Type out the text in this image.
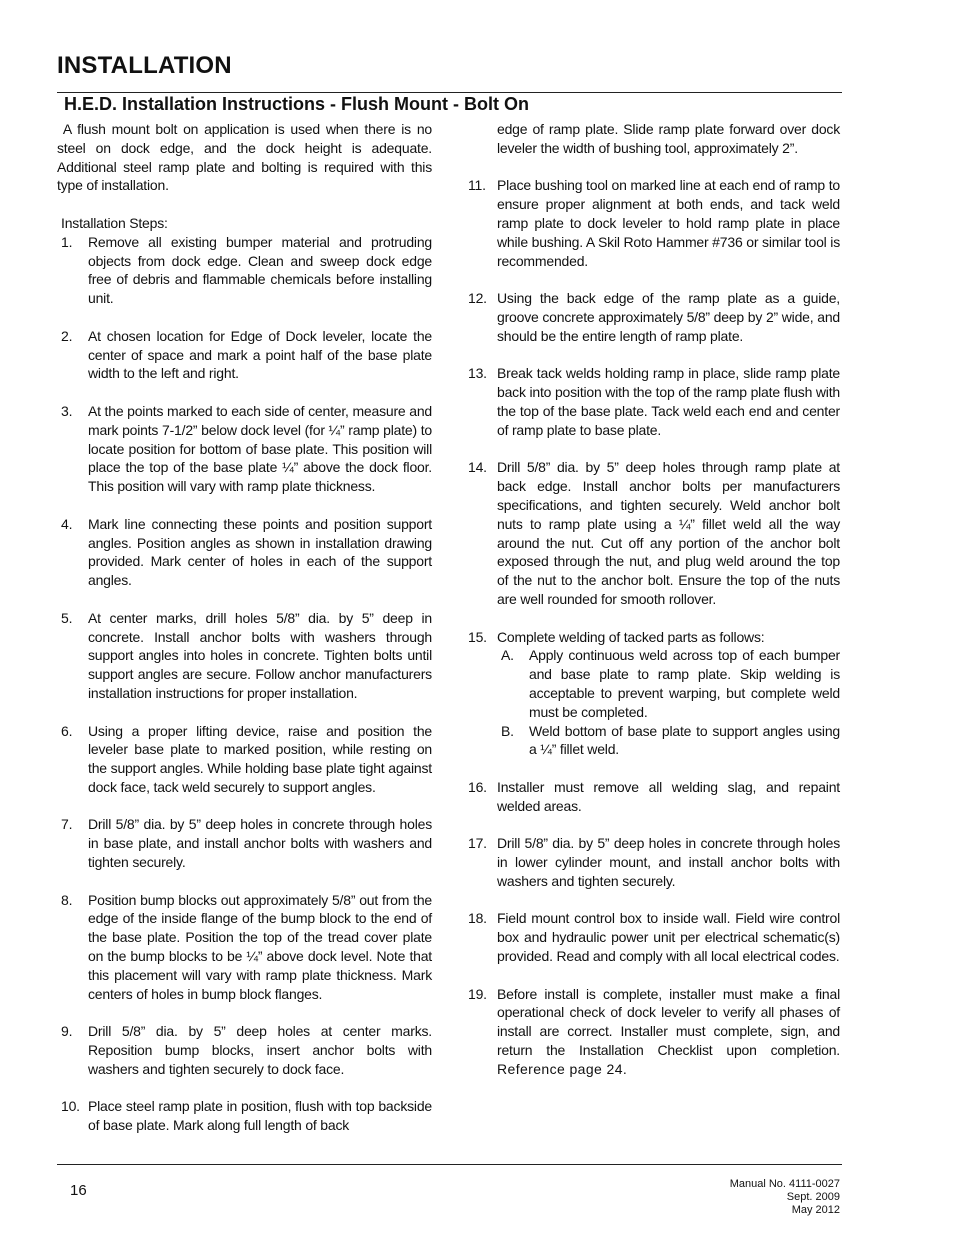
INSTALLATION
H.E.D. Installation Instructions - Flush Mount - Bolt On

A flush mount bolt on application is used when there is no steel on dock edge, and the dock height is adequate. Additional steel ramp plate and bolting is required with this type of installation.

Installation Steps:

1. Remove all existing bumper material and protruding objects from dock edge. Clean and sweep dock edge free of debris and flammable chemicals before installing unit.
2. At chosen location for Edge of Dock leveler, locate the center of space and mark a point half of the base plate width to the left and right.
3. At the points marked to each side of center, measure and mark points 7-1/2” below dock level (for ¼” ramp plate) to locate position for bottom of base plate. This position will place the top of the base plate ¼” above the dock floor. This position will vary with ramp plate thickness.
4. Mark line connecting these points and position support angles. Position angles as shown in installation drawing provided. Mark center of holes in each of the support angles.
5. At center marks, drill holes 5/8” dia. by 5” deep in concrete. Install anchor bolts with washers through support angles into holes in concrete. Tighten bolts until support angles are secure. Follow anchor manufacturers installation instructions for proper installation.
6. Using a proper lifting device, raise and position the leveler base plate to marked position, while resting on the support angles. While holding base plate tight against dock face, tack weld securely to support angles.
7. Drill 5/8” dia. by 5” deep holes in concrete through holes in base plate, and install anchor bolts with washers and tighten securely.
8. Position bump blocks out approximately 5/8” out from the edge of the inside flange of the bump block to the end of the base plate. Position the top of the tread cover plate on the bump blocks to be ¼” above dock level. Note that this placement will vary with ramp plate thickness. Mark centers of holes in bump block flanges.
9. Drill 5/8” dia. by 5” deep holes at center marks. Reposition bump blocks, insert anchor bolts with washers and tighten securely to dock face.
10. Place steel ramp plate in position, flush with top backside of base plate. Mark along full length of back

edge of ramp plate. Slide ramp plate forward over dock leveler the width of bushing tool, approximately 2”.

11. Place bushing tool on marked line at each end of ramp to ensure proper alignment at both ends, and tack weld ramp plate to dock leveler to hold ramp plate in place while bushing. A Skil Roto Hammer #736 or similar tool is recommended.
12. Using the back edge of the ramp plate as a guide, groove concrete approximately 5/8” deep by 2” wide, and should be the entire length of ramp plate.
13. Break tack welds holding ramp in place, slide ramp plate back into position with the top of the ramp plate flush with the top of the base plate. Tack weld each end and center of ramp plate to base plate.
14. Drill 5/8” dia. by 5” deep holes through ramp plate at back edge. Install anchor bolts per manufacturers specifications, and tighten securely. Weld anchor bolt nuts to ramp plate using a ¼” fillet weld all the way around the nut. Cut off any portion of the anchor bolt exposed through the nut, and plug weld around the top of the nut to the anchor bolt. Ensure the top of the nuts are well rounded for smooth rollover.
15. Complete welding of tacked parts as follows:
A. Apply continuous weld across top of each bumper and base plate to ramp plate. Skip welding is acceptable to prevent warping, but complete weld must be completed.
B. Weld bottom of base plate to support angles using a ¼” fillet weld.
16. Installer must remove all welding slag, and repaint welded areas.
17. Drill 5/8” dia. by 5” deep holes in concrete through holes in lower cylinder mount, and install anchor bolts with washers and tighten securely.
18. Field mount control box to inside wall. Field wire control box and hydraulic power unit per electrical schematic(s) provided. Read and comply with all local electrical codes.
19. Before install is complete, installer must make a final operational check of dock leveler to verify all phases of install are correct. Installer must complete, sign, and return the Installation Checklist upon completion. Reference page 24.
16	Manual No. 4111-0027
Sept. 2009
May 2012
